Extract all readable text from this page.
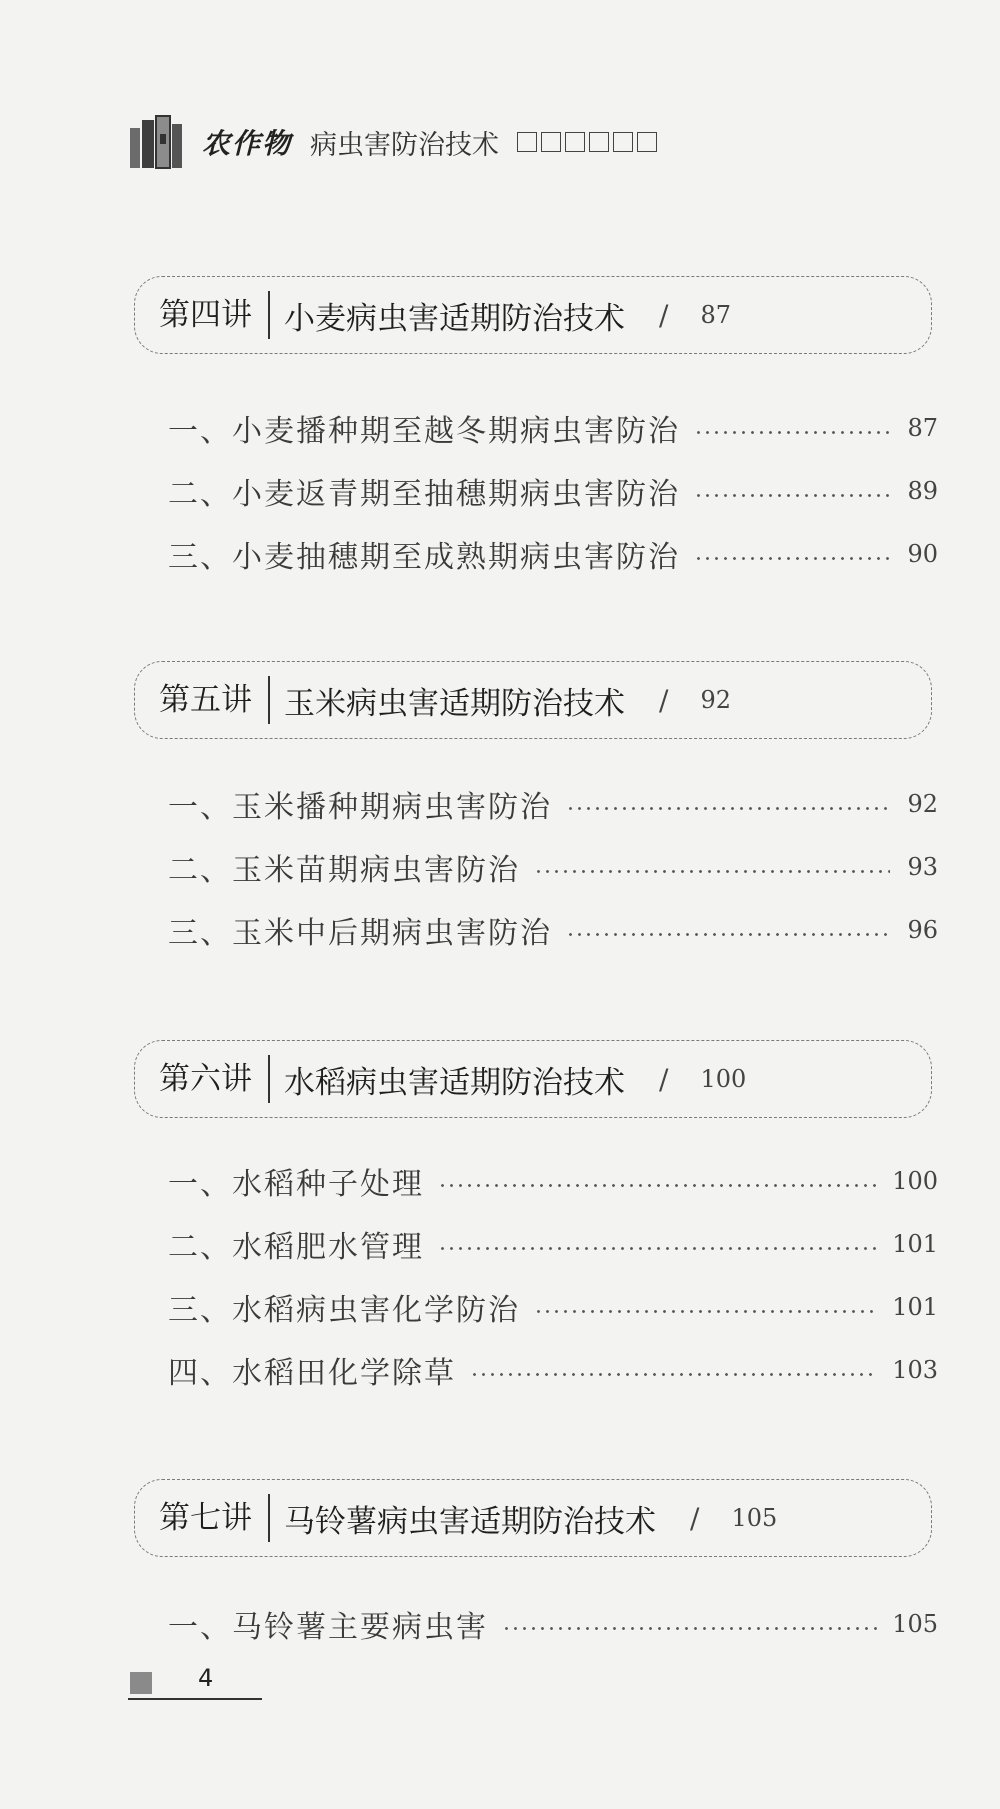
农作物 病虫害防治技术
第四讲	小麦病虫害适期防治技术 / 87
一、小麦播种期至越冬期病虫害防治	87
二、小麦返青期至抽穗期病虫害防治	89
三、小麦抽穗期至成熟期病虫害防治	90
第五讲	玉米病虫害适期防治技术 / 92
一、玉米播种期病虫害防治	92
二、玉米苗期病虫害防治	93
三、玉米中后期病虫害防治	96
第六讲	水稻病虫害适期防治技术 / 100
一、水稻种子处理	100
二、水稻肥水管理	101
三、水稻病虫害化学防治	101
四、水稻田化学除草	103
第七讲	马铃薯病虫害适期防治技术 / 105
一、马铃薯主要病虫害	105
4
